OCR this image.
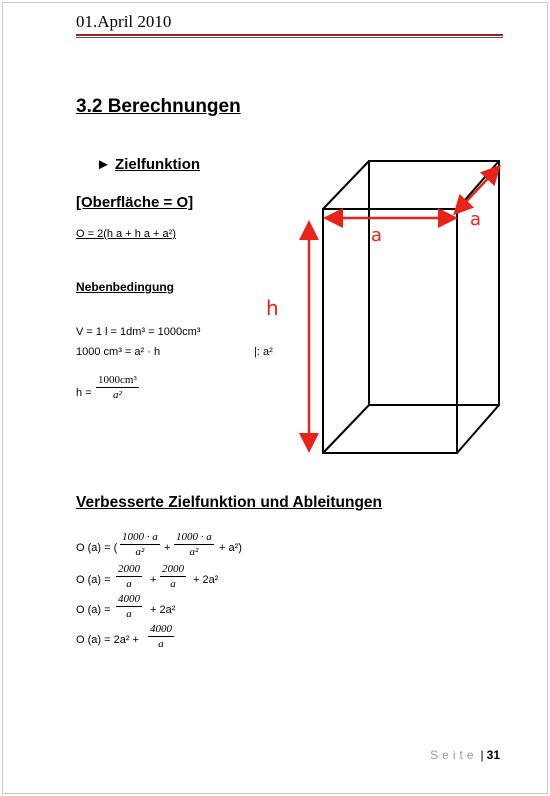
01.April 2010
3.2 Berechnungen
► Zielfunktion
[Oberfläche = O]
O = 2(h a + h a + a²)
Nebenbedingung
V = 1 l = 1dm³ = 1000cm³
1000 cm³ = a² · h	|: a²
$h = \frac{\text{1000cm³}}{\text{a²}}$
a
a
h
Verbesserte Zielfunktion und Ableitungen
O (a) = ( $\frac{1000 \cdot a}{\text{a²}} + \frac{1000 \cdot a}{\text{a²}} + a^2$)
O $(a) = \frac{2000}{a} + \frac{2000}{a} + 2a^2$
O $(a) = \frac{4000}{a} + 2a^2$
O $(a) = 2a^2 + \frac{4000}{a}$
Seite | 31
